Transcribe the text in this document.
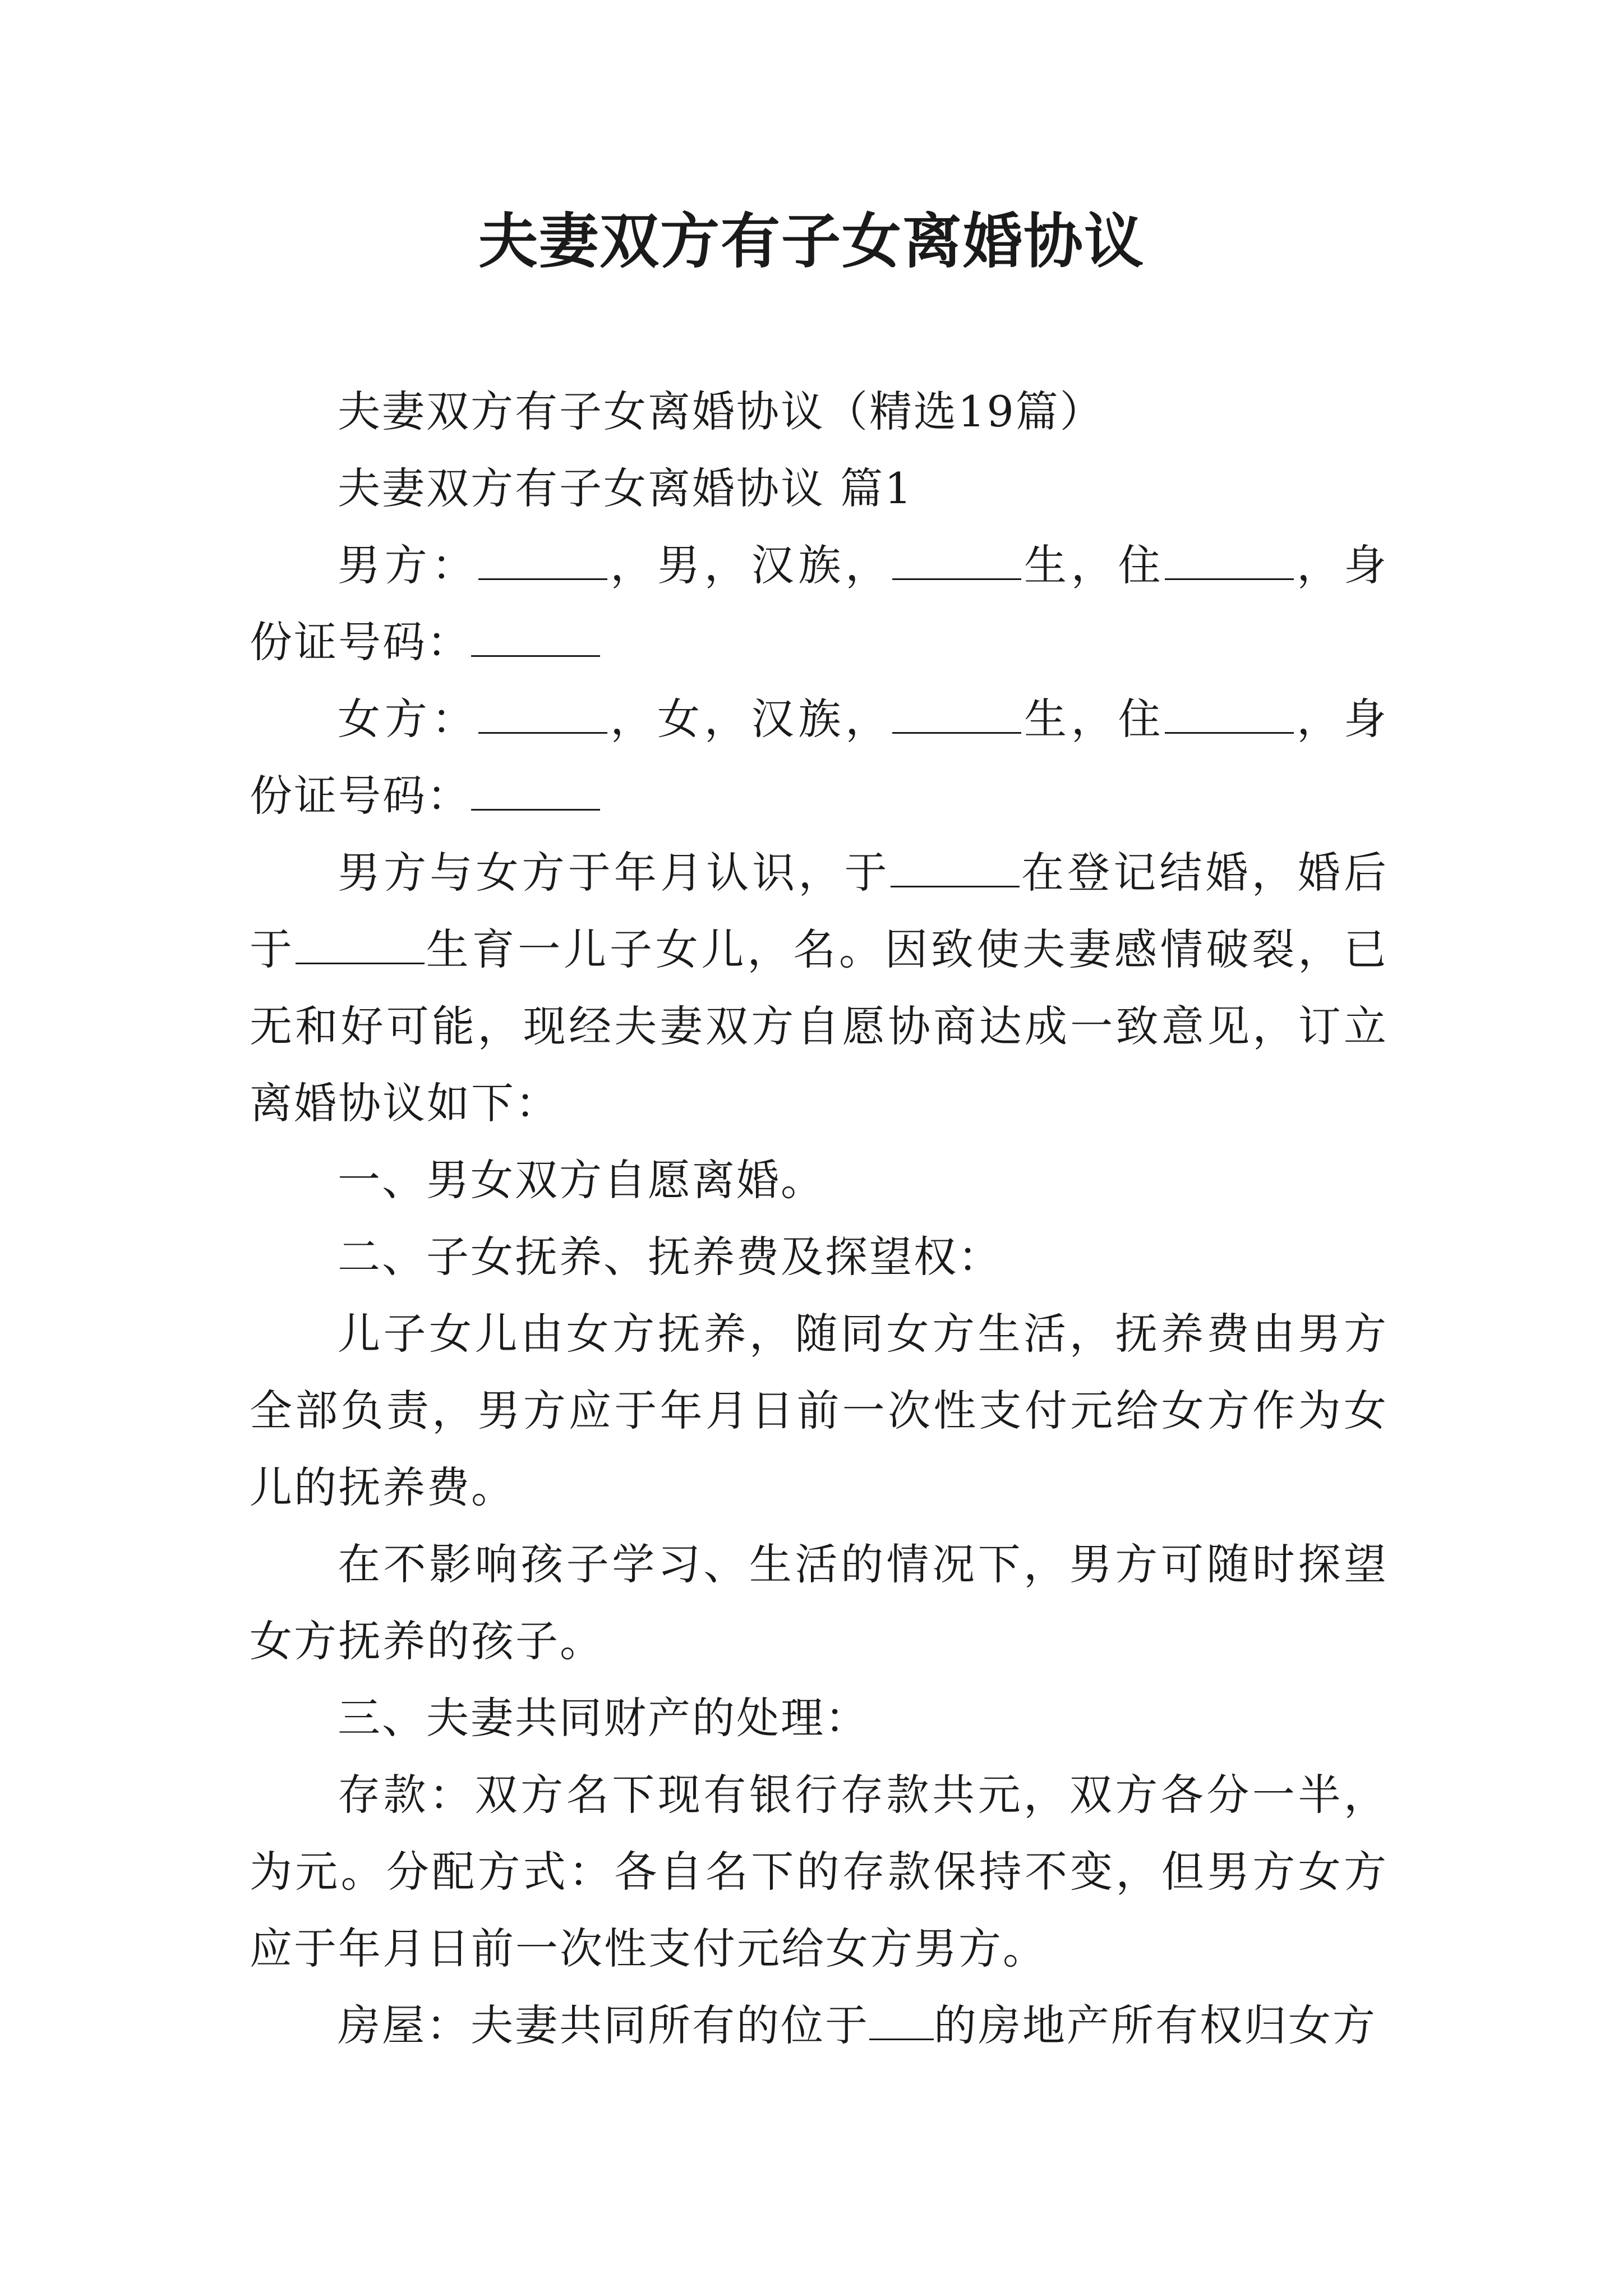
夫妻双方有子女离婚协议

夫妻双方有子女离婚协议（精选19篇）

夫妻双方有子女离婚协议 篇1

男方：	，男，汉族，	生，住	，身份证号码：

女方：	，女，汉族，	生，住	，身份证号码：

男方与女方于年月认识，于	在登记结婚，婚后于	生育一儿子女儿，名。因致使夫妻感情破裂，已无和好可能，现经夫妻双方自愿协商达成一致意见，订立离婚协议如下：

一、男女双方自愿离婚。

二、子女抚养、抚养费及探望权：

儿子女儿由女方抚养，随同女方生活，抚养费由男方全部负责，男方应于年月日前一次性支付元给女方作为女儿的抚养费。

在不影响孩子学习、生活的情况下，男方可随时探望女方抚养的孩子。

三、夫妻共同财产的处理：

存款：双方名下现有银行存款共元，双方各分一半，为元。分配方式：各自名下的存款保持不变，但男方女方应于年月日前一次性支付元给女方男方。

房屋：夫妻共同所有的位于 的房地产所有权归女方
